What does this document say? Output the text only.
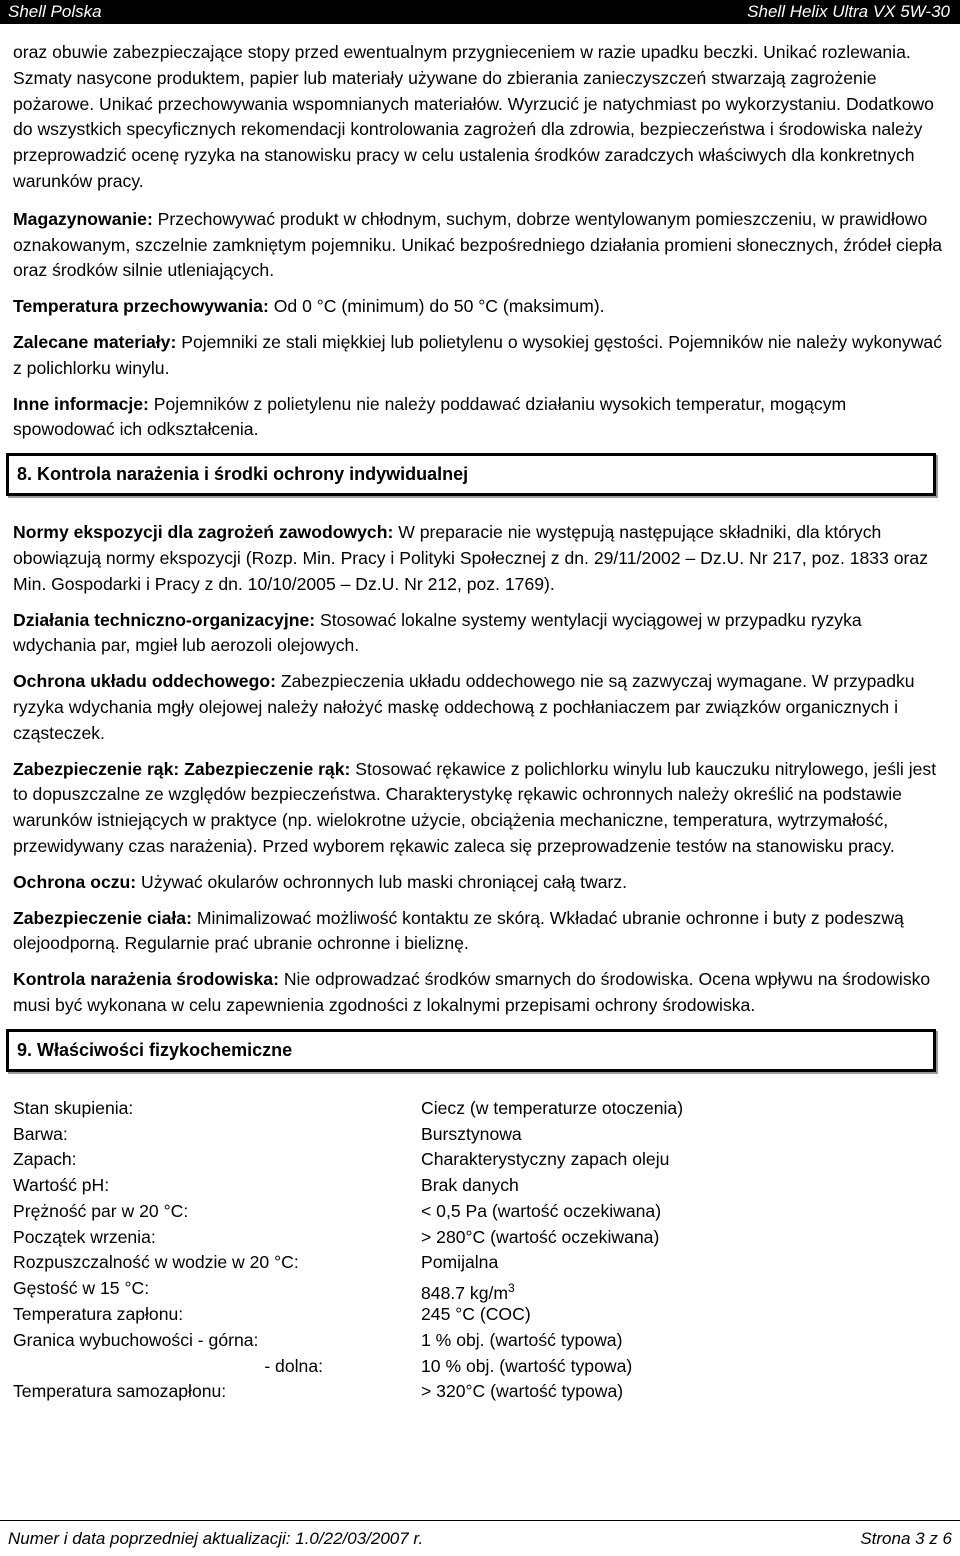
Shell Polska	Shell Helix Ultra VX 5W-30

oraz obuwie zabezpieczające stopy przed ewentualnym przygnieceniem w razie upadku beczki. Unikać rozlewania. Szmaty nasycone produktem, papier lub materiały używane do zbierania zanieczyszczeń stwarzają zagrożenie pożarowe. Unikać przechowywania wspomnianych materiałów. Wyrzucić je natychmiast po wykorzystaniu. Dodatkowo do wszystkich specyficznych rekomendacji kontrolowania zagrożeń dla zdrowia, bezpieczeństwa i środowiska należy przeprowadzić ocenę ryzyka na stanowisku pracy w celu ustalenia środków zaradczych właściwych dla konkretnych warunków pracy.

Magazynowanie: Przechowywać produkt w chłodnym, suchym, dobrze wentylowanym pomieszczeniu, w prawidłowo oznakowanym, szczelnie zamkniętym pojemniku. Unikać bezpośredniego działania promieni słonecznych, źródeł ciepła oraz środków silnie utleniających.

Temperatura przechowywania: Od 0 °C (minimum) do 50 °C (maksimum).

Zalecane materiały: Pojemniki ze stali miękkiej lub polietylenu o wysokiej gęstości. Pojemników nie należy wykonywać z polichlorku winylu.

Inne informacje: Pojemników z polietylenu nie należy poddawać działaniu wysokich temperatur, mogącym spowodować ich odkształcenia.

8. Kontrola narażenia i środki ochrony indywidualnej

Normy ekspozycji dla zagrożeń zawodowych: W preparacie nie występują następujące składniki, dla których obowiązują normy ekspozycji (Rozp. Min. Pracy i Polityki Społecznej z dn. 29/11/2002 – Dz.U. Nr 217, poz. 1833 oraz Min. Gospodarki i Pracy z dn. 10/10/2005 – Dz.U. Nr 212, poz. 1769).

Działania techniczno-organizacyjne: Stosować lokalne systemy wentylacji wyciągowej w przypadku ryzyka wdychania par, mgieł lub aerozoli olejowych.

Ochrona układu oddechowego: Zabezpieczenia układu oddechowego nie są zazwyczaj wymagane. W przypadku ryzyka wdychania mgły olejowej należy nałożyć maskę oddechową z pochłaniaczem par związków organicznych i cząsteczek.

Zabezpieczenie rąk: Zabezpieczenie rąk: Stosować rękawice z polichlorku winylu lub kauczuku nitrylowego, jeśli jest to dopuszczalne ze względów bezpieczeństwa. Charakterystykę rękawic ochronnych należy określić na podstawie warunków istniejących w praktyce (np. wielokrotne użycie, obciążenia mechaniczne, temperatura, wytrzymałość, przewidywany czas narażenia). Przed wyborem rękawic zaleca się przeprowadzenie testów na stanowisku pracy.

Ochrona oczu: Używać okularów ochronnych lub maski chroniącej całą twarz.

Zabezpieczenie ciała: Minimalizować możliwość kontaktu ze skórą. Wkładać ubranie ochronne i buty z podeszwą olejoodporną. Regularnie prać ubranie ochronne i bieliznę.

Kontrola narażenia środowiska: Nie odprowadzać środków smarnych do środowiska. Ocena wpływu na środowisko musi być wykonana w celu zapewnienia zgodności z lokalnymi przepisami ochrony środowiska.

9. Właściwości fizykochemiczne
Stan skupienia:	Ciecz (w temperaturze otoczenia)
Barwa:	Bursztynowa
Zapach:	Charakterystyczny zapach oleju
Wartość pH:	Brak danych
Prężność par w 20 °C:	< 0,5 Pa (wartość oczekiwana)
Początek wrzenia:	> 280°C (wartość oczekiwana)
Rozpuszczalność w wodzie w 20 °C:	Pomijalna
Gęstość w 15 °C:	848.7 $kg/m^3$
Temperatura zapłonu:	245 °C (COC)
Granica wybuchowości - górna:	1 % obj. (wartość typowa)
- dolna:	10 % obj. (wartość typowa)
Temperatura samozapłonu:	> 320°C (wartość typowa)
Numer i data poprzedniej aktualizacji: 1.0/22/03/2007 r.	Strona 3 z 6
